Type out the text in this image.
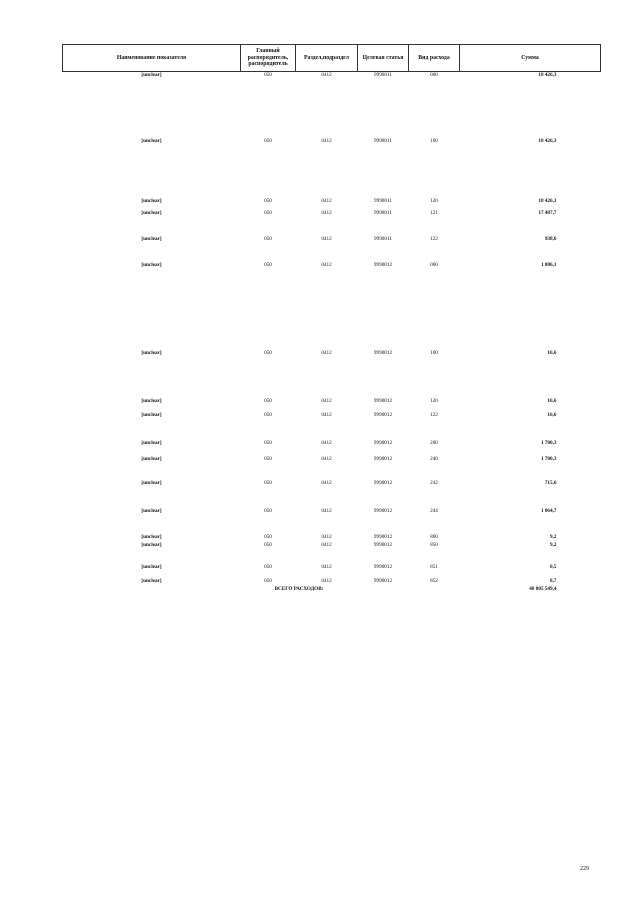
Наименование показателя	Главный распорядитель, распорядитель	Раздел,подраздел	Целевая статья	Вид расхода	Сумма
[unclear]	050	0412	9990011	000	18 426,3
[unclear]	050	0412	9990011	100	18 426,3
[unclear]	050	0412	9990011	120	18 426,3
[unclear]	050	0412	9990011	121	17 487,7
[unclear]	050	0412	9990011	122	938,6
[unclear]	050	0412	9990012	000	1 806,1
[unclear]	050	0412	9990012	100	16,6
[unclear]	050	0412	9990012	120	16,6
[unclear]	050	0412	9990012	122	16,6
[unclear]	050	0412	9990012	200	1 780,3
[unclear]	050	0412	9990012	240	1 780,3
[unclear]	050	0412	9990012	242	715,6
[unclear]	050	0412	9990012	244	1 064,7
[unclear]	050	0412	9990012	800	9,2
[unclear]	050	0412	9990012	850	9,2
[unclear]	050	0412	9990012	851	0,5
[unclear]	050	0412	9990012	852	8,7
	ВСЕГО РАСХОДОВ:				48 805 549,4
229
